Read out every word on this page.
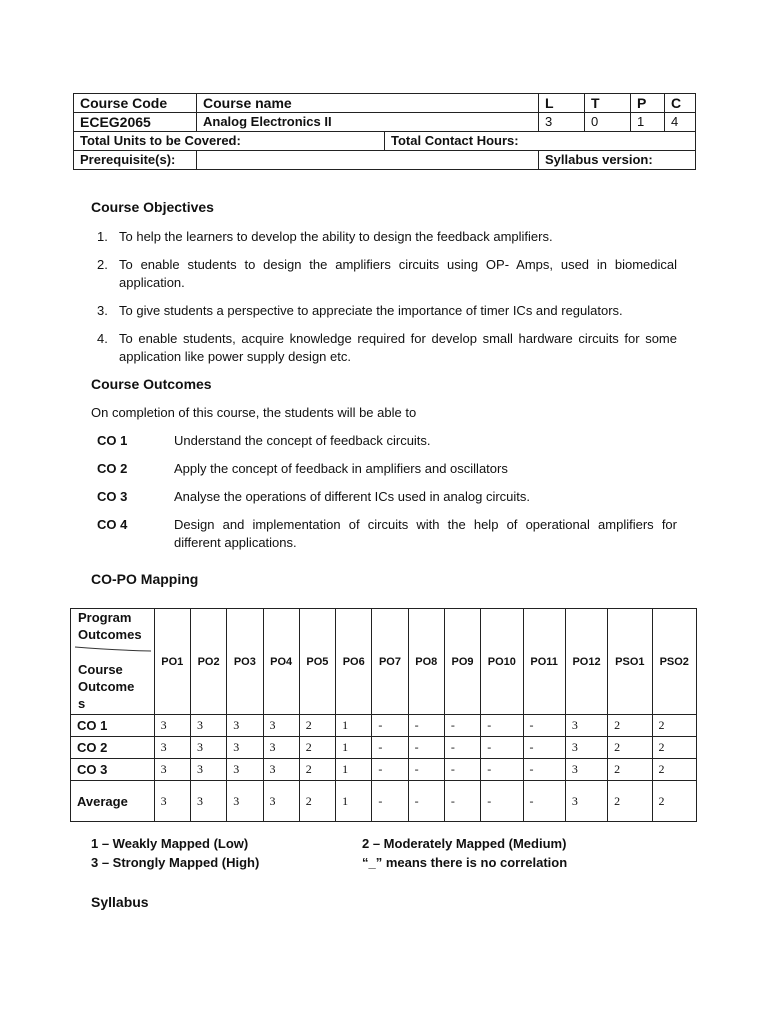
Course Code	Course name		L	T	P	C
ECEG2065	Analog Electronics II		3	0	1	4
Total Units to be Covered:		Total Contact Hours:				
Prerequisite(s):			Syllabus version:			
Course Objectives
1. To help the learners to develop the ability to design the feedback amplifiers.
2. To enable students to design the amplifiers circuits using OP- Amps, used in biomedical application.
3. To give students a perspective to appreciate the importance of timer ICs and regulators.
4. To enable students, acquire knowledge required for develop small hardware circuits for some application like power supply design etc.
Course Outcomes
On completion of this course, the students will be able to
CO 1	Understand the concept of feedback circuits.
CO 2	Apply the concept of feedback in amplifiers and oscillators
CO 3	Analyse the operations of different ICs used in analog circuits.
CO 4	Design and implementation of circuits with the help of operational amplifiers for different applications.
CO-PO Mapping
Program
Outcomes
Course
Outcome
s	PO1	PO2	PO3	PO4	PO5	PO6	PO7	PO8	PO9	PO10	PO11	PO12	PSO1	PSO2
CO 1	3	3	3	3	2	1	-	-	-	-	-	3	2	2
CO 2	3	3	3	3	2	1	-	-	-	-	-	3	2	2
CO 3	3	3	3	3	2	1	-	-	-	-	-	3	2	2
Average	3	3	3	3	2	1	-	-	-	-	-	3	2	2
1 – Weakly Mapped (Low)	2 – Moderately Mapped (Medium)
3 – Strongly Mapped (High)	“_” means there is no correlation
Syllabus
